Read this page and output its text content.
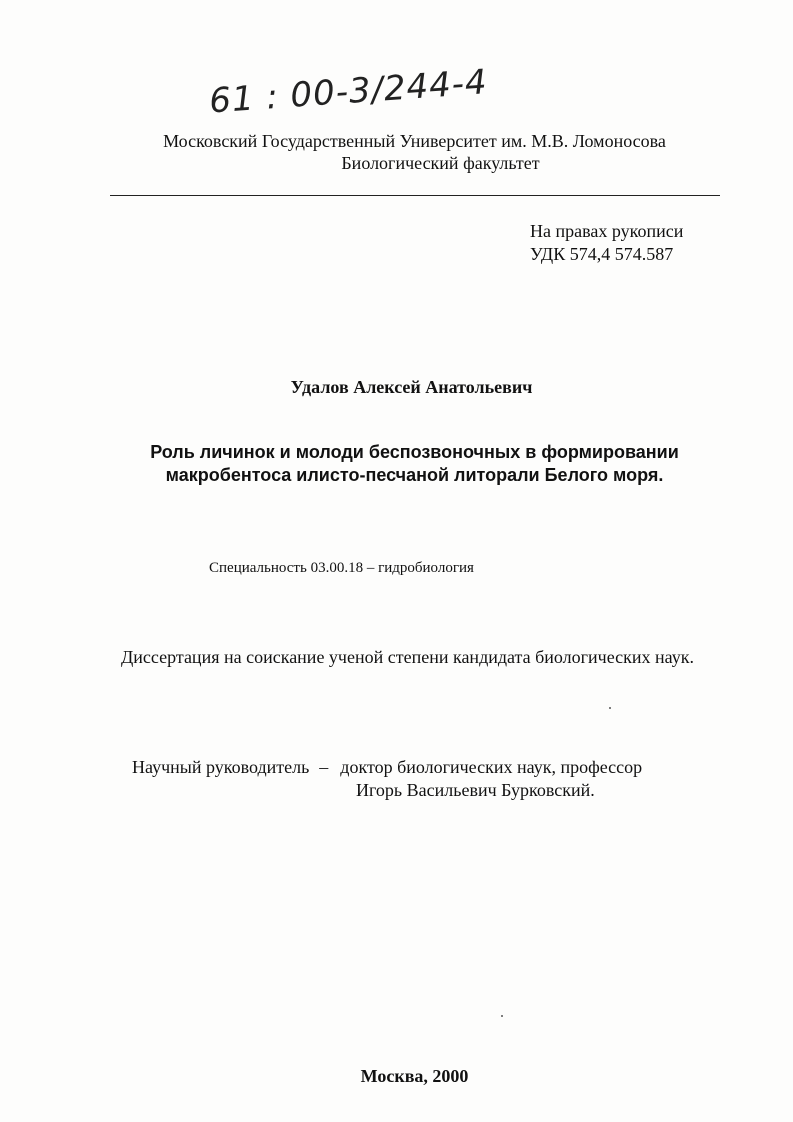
61 : 00-3/244-4
Московский Государственный Университет им. М.В. Ломоносова
Биологический факультет
На правах рукописи
УДК 574,4 574.587
Удалов Алексей Анатольевич
Роль личинок и молоди беспозвоночных в формировании
макробентоса илисто-песчаной литорали Белого моря.
Специальность 03.00.18 – гидробиология
Диссертация на соискание ученой степени кандидата биологических наук.
Научный руководитель – доктор биологических наук, профессор
Игорь Васильевич Бурковский.
Москва, 2000
